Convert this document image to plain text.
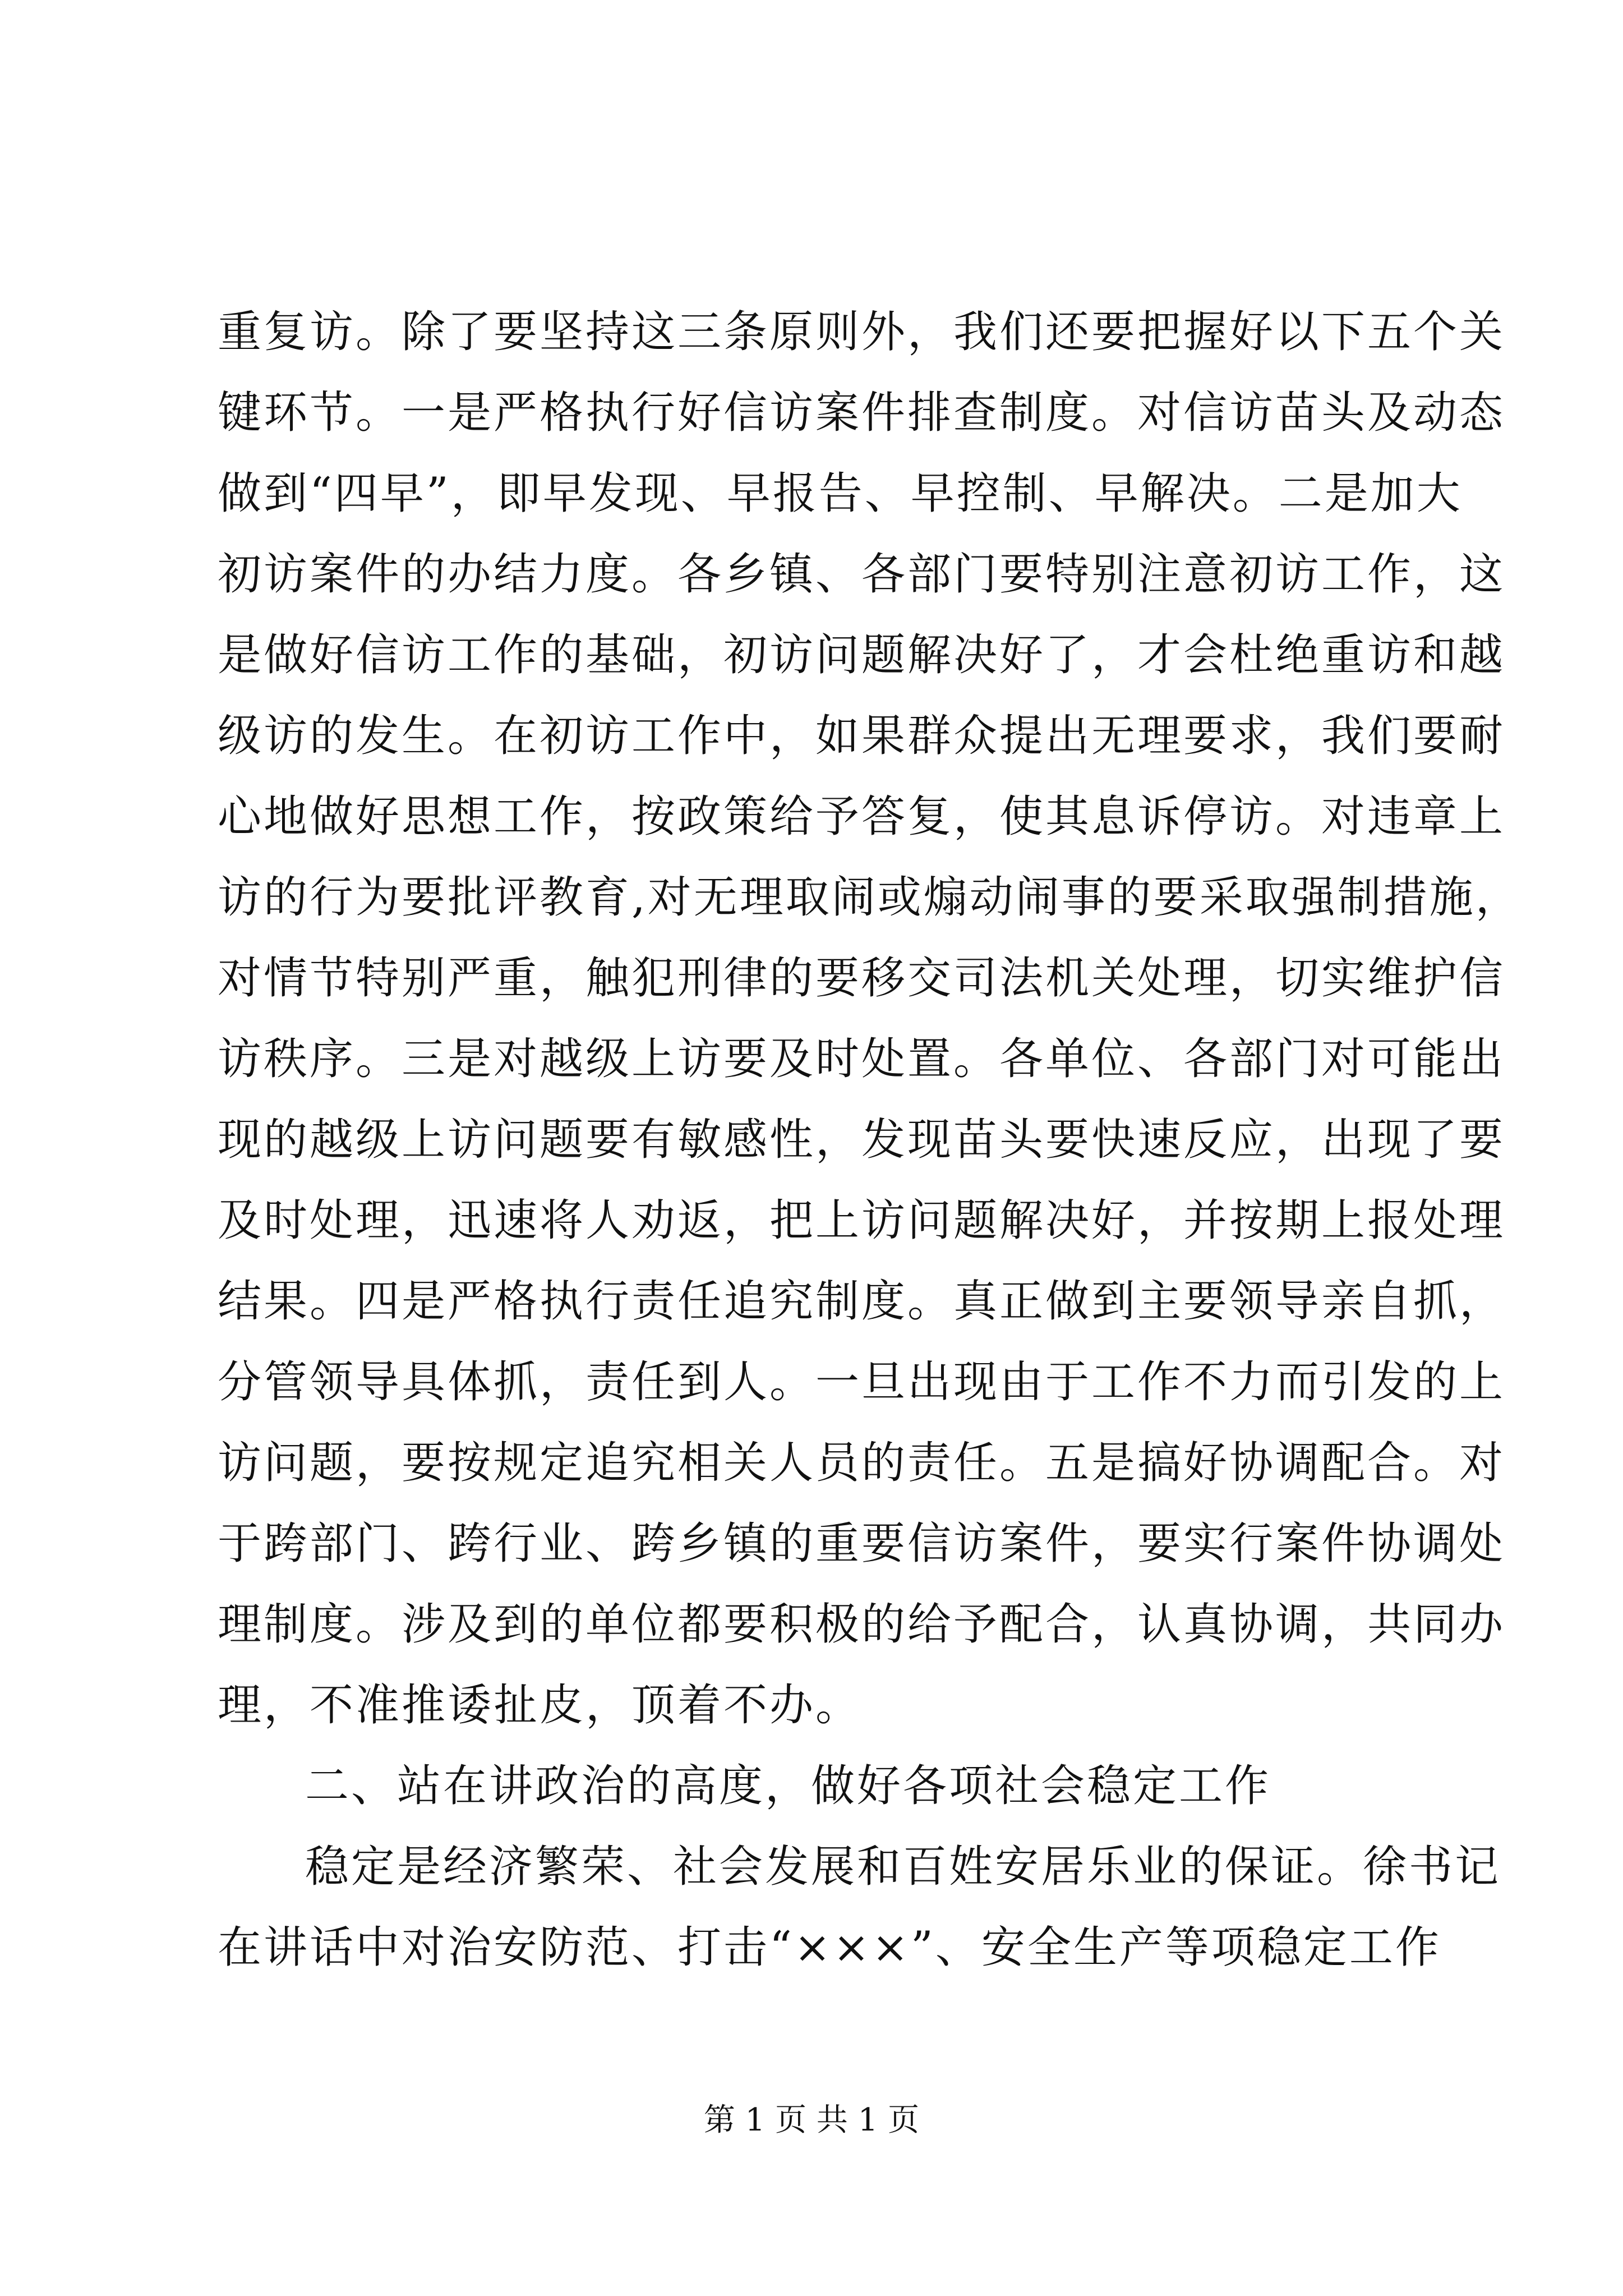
重复访。除了要坚持这三条原则外，我们还要把握好以下五个关
键环节。一是严格执行好信访案件排查制度。对信访苗头及动态
做到“四早”，即早发现、早报告、早控制、早解决。二是加大
初访案件的办结力度。各乡镇、各部门要特别注意初访工作，这
是做好信访工作的基础，初访问题解决好了，才会杜绝重访和越
级访的发生。在初访工作中，如果群众提出无理要求，我们要耐
心地做好思想工作，按政策给予答复，使其息诉停访。对违章上
访的行为要批评教育,对无理取闹或煽动闹事的要采取强制措施，
对情节特别严重，触犯刑律的要移交司法机关处理，切实维护信
访秩序。三是对越级上访要及时处置。各单位、各部门对可能出
现的越级上访问题要有敏感性，发现苗头要快速反应，出现了要
及时处理，迅速将人劝返，把上访问题解决好，并按期上报处理
结果。四是严格执行责任追究制度。真正做到主要领导亲自抓，
分管领导具体抓，责任到人。一旦出现由于工作不力而引发的上
访问题，要按规定追究相关人员的责任。五是搞好协调配合。对
于跨部门、跨行业、跨乡镇的重要信访案件，要实行案件协调处
理制度。涉及到的单位都要积极的给予配合，认真协调，共同办
理，不准推诿扯皮，顶着不办。
二、站在讲政治的高度，做好各项社会稳定工作
稳定是经济繁荣、社会发展和百姓安居乐业的保证。徐书记
在讲话中对治安防范、打击“×××”、安全生产等项稳定工作
第 1 页 共 1 页
